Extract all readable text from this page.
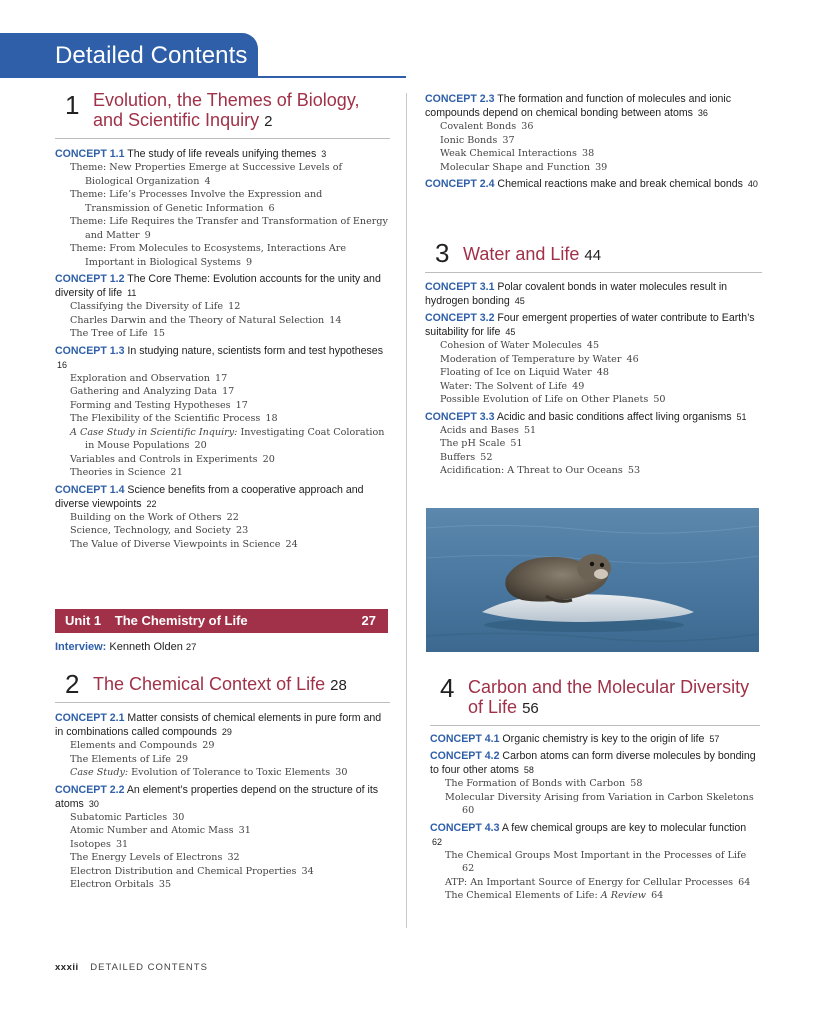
Detailed Contents
1 Evolution, the Themes of Biology, and Scientific Inquiry 2
CONCEPT 1.1 The study of life reveals unifying themes 3
Theme: New Properties Emerge at Successive Levels of Biological Organization 4
Theme: Life’s Processes Involve the Expression and Transmission of Genetic Information 6
Theme: Life Requires the Transfer and Transformation of Energy and Matter 9
Theme: From Molecules to Ecosystems, Interactions Are Important in Biological Systems 9
CONCEPT 1.2 The Core Theme: Evolution accounts for the unity and diversity of life 11
Classifying the Diversity of Life 12
Charles Darwin and the Theory of Natural Selection 14
The Tree of Life 15
CONCEPT 1.3 In studying nature, scientists form and test hypotheses 16
Exploration and Observation 17
Gathering and Analyzing Data 17
Forming and Testing Hypotheses 17
The Flexibility of the Scientific Process 18
A Case Study in Scientific Inquiry: Investigating Coat Coloration in Mouse Populations 20
Variables and Controls in Experiments 20
Theories in Science 21
CONCEPT 1.4 Science benefits from a cooperative approach and diverse viewpoints 22
Building on the Work of Others 22
Science, Technology, and Society 23
The Value of Diverse Viewpoints in Science 24
2 The Chemical Context of Life 28
CONCEPT 2.1 Matter consists of chemical elements in pure form and in combinations called compounds 29
Elements and Compounds 29
The Elements of Life 29
Case Study: Evolution of Tolerance to Toxic Elements 30
CONCEPT 2.2 An element’s properties depend on the structure of its atoms 30
Subatomic Particles 30
Atomic Number and Atomic Mass 31
Isotopes 31
The Energy Levels of Electrons 32
Electron Distribution and Chemical Properties 34
Electron Orbitals 35
Unit 1 The Chemistry of Life	27
Interview: Kenneth Olden 27
CONCEPT 2.3 The formation and function of molecules and ionic compounds depend on chemical bonding between atoms 36
Covalent Bonds 36
Ionic Bonds 37
Weak Chemical Interactions 38
Molecular Shape and Function 39
CONCEPT 2.4 Chemical reactions make and break chemical bonds 40
3 Water and Life 44
CONCEPT 3.1 Polar covalent bonds in water molecules result in hydrogen bonding 45
CONCEPT 3.2 Four emergent properties of water contribute to Earth’s suitability for life 45
Cohesion of Water Molecules 45
Moderation of Temperature by Water 46
Floating of Ice on Liquid Water 48
Water: The Solvent of Life 49
Possible Evolution of Life on Other Planets 50
CONCEPT 3.3 Acidic and basic conditions affect living organisms 51
Acids and Bases 51
The pH Scale 51
Buffers 52
Acidification: A Threat to Our Oceans 53
4 Carbon and the Molecular Diversity of Life 56
CONCEPT 4.1 Organic chemistry is key to the origin of life 57
CONCEPT 4.2 Carbon atoms can form diverse molecules by bonding to four other atoms 58
The Formation of Bonds with Carbon 58
Molecular Diversity Arising from Variation in Carbon Skeletons 60
CONCEPT 4.3 A few chemical groups are key to molecular function 62
The Chemical Groups Most Important in the Processes of Life 62
ATP: An Important Source of Energy for Cellular Processes 64
The Chemical Elements of Life: A Review 64
xxxii DETAILED CONTENTS
